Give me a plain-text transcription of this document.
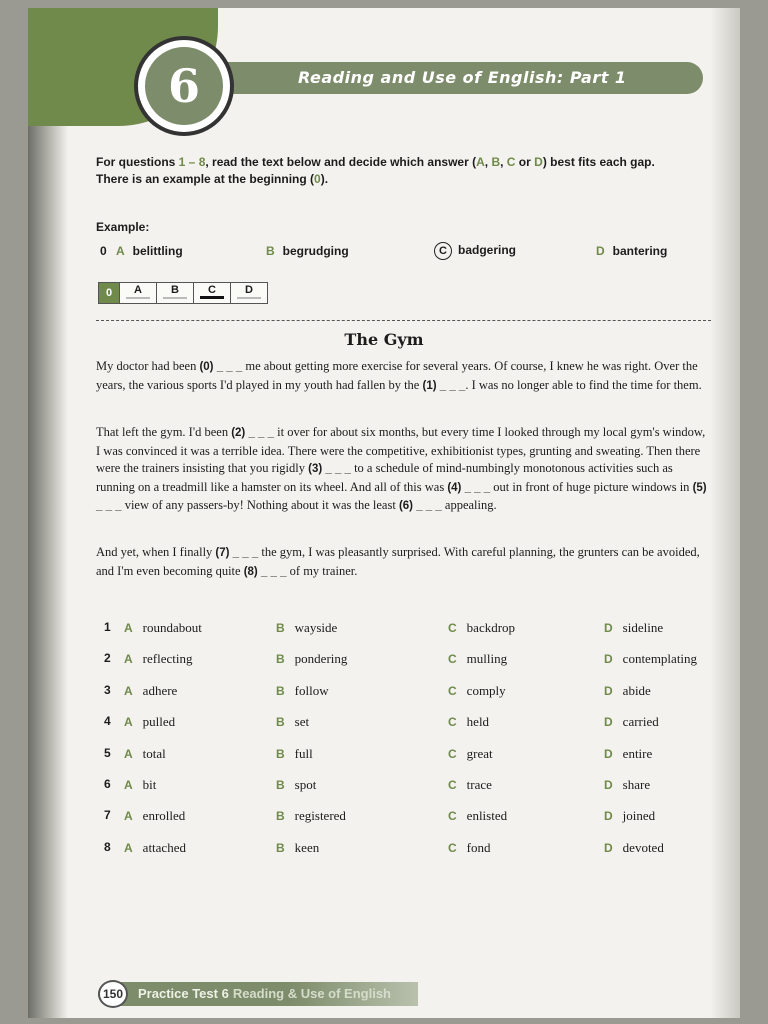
Reading and Use of English: Part 1
6
For questions 1 – 8, read the text below and decide which answer (A, B, C or D) best fits each gap.
There is an example at the beginning (0).
Example:
0 A belittling	B begrudging	C badgering	D bantering
0	A	B	C	D
The Gym
My doctor had been (0) _ _ _ me about getting more exercise for several years. Of course, I knew he was right. Over the years, the various sports I'd played in my youth had fallen by the (1) _ _ _. I was no longer able to find the time for them.
That left the gym. I'd been (2) _ _ _ it over for about six months, but every time I looked through my local gym's window, I was convinced it was a terrible idea. There were the competitive, exhibitionist types, grunting and sweating. Then there were the trainers insisting that you rigidly (3) _ _ _ to a schedule of mind-numbingly monotonous activities such as running on a treadmill like a hamster on its wheel. And all of this was (4) _ _ _ out in front of huge picture windows in (5) _ _ _ view of any passers-by! Nothing about it was the least (6) _ _ _ appealing.
And yet, when I finally (7) _ _ _ the gym, I was pleasantly surprised. With careful planning, the grunters can be avoided, and I'm even becoming quite (8) _ _ _ of my trainer.
1 A roundabout	B wayside	C backdrop	D sideline
2 A reflecting	B pondering	C mulling	D contemplating
3 A adhere	B follow	C comply	D abide
4 A pulled	B set	C held	D carried
5 A total	B full	C great	D entire
6 A bit	B spot	C trace	D share
7 A enrolled	B registered	C enlisted	D joined
8 A attached	B keen	C fond	D devoted
150	Practice Test 6 Reading & Use of English
